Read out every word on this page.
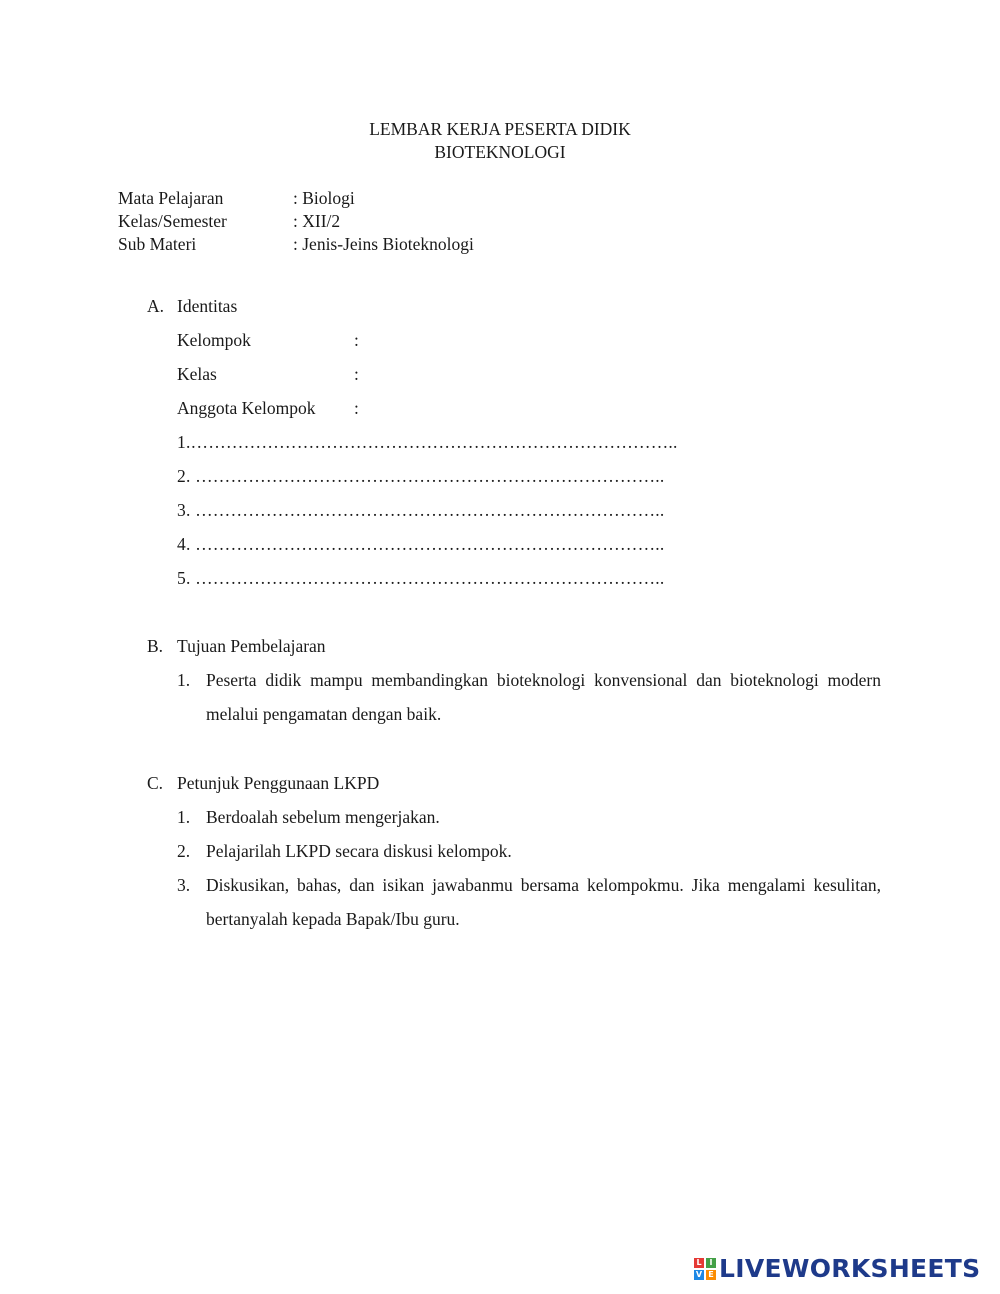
LEMBAR KERJA PESERTA DIDIK
BIOTEKNOLOGI
Mata Pelajaran	: Biologi
Kelas/Semester	: XII/2
Sub Materi	: Jenis-Jeins Bioteknologi
A. Identitas
Kelompok	:
Kelas	:
Anggota Kelompok :
1.………………………………………………………………………..
2. ……………………………………………………………………..
3. ……………………………………………………………………..
4. ……………………………………………………………………..
5. ……………………………………………………………………..
B. Tujuan Pembelajaran
1. Peserta didik mampu membandingkan bioteknologi konvensional dan bioteknologi modern melalui pengamatan dengan baik.
C. Petunjuk Penggunaan LKPD
1. Berdoalah sebelum mengerjakan.
2. Pelajarilah LKPD secara diskusi kelompok.
3. Diskusikan, bahas, dan isikan jawabanmu bersama kelompokmu. Jika mengalami kesulitan, bertanyalah kepada Bapak/Ibu guru.
L I
V E LIVEWORKSHEETS
